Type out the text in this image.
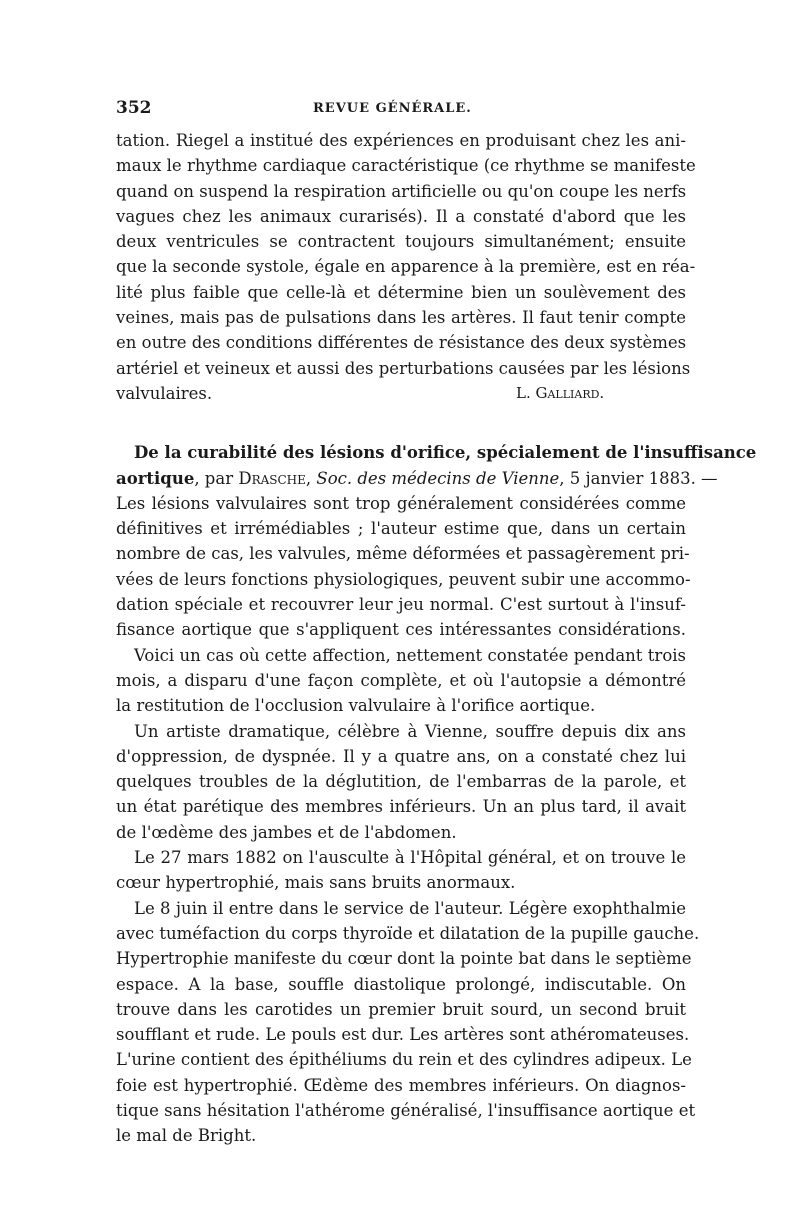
352	REVUE GÉNÉRALE.
tation. Riegel a institué des expériences en produisant chez les ani-
maux le rhythme cardiaque caractéristique (ce rhythme se manifeste
quand on suspend la respiration artificielle ou qu'on coupe les nerfs
vagues chez les animaux curarisés). Il a constaté d'abord que les
deux ventricules se contractent toujours simultanément; ensuite
que la seconde systole, égale en apparence à la première, est en réa-
lité plus faible que celle-là et détermine bien un soulèvement des
veines, mais pas de pulsations dans les artères. Il faut tenir compte
en outre des conditions différentes de résistance des deux systèmes
artériel et veineux et aussi des perturbations causées par les lésions
valvulaires.	L. Galliard.
De la curabilité des lésions d'orifice, spécialement de l'insuffisance
aortique, par Drasche, Soc. des médecins de Vienne, 5 janvier 1883. —
Les lésions valvulaires sont trop généralement considérées comme
définitives et irrémédiables ; l'auteur estime que, dans un certain
nombre de cas, les valvules, même déformées et passagèrement pri-
vées de leurs fonctions physiologiques, peuvent subir une accommo-
dation spéciale et recouvrer leur jeu normal. C'est surtout à l'insuf-
fisance aortique que s'appliquent ces intéressantes considérations.
Voici un cas où cette affection, nettement constatée pendant trois
mois, a disparu d'une façon complète, et où l'autopsie a démontré
la restitution de l'occlusion valvulaire à l'orifice aortique.
Un artiste dramatique, célèbre à Vienne, souffre depuis dix ans
d'oppression, de dyspnée. Il y a quatre ans, on a constaté chez lui
quelques troubles de la déglutition, de l'embarras de la parole, et
un état parétique des membres inférieurs. Un an plus tard, il avait
de l'œdème des jambes et de l'abdomen.
Le 27 mars 1882 on l'ausculte à l'Hôpital général, et on trouve le
cœur hypertrophié, mais sans bruits anormaux.
Le 8 juin il entre dans le service de l'auteur. Légère exophthalmie
avec tuméfaction du corps thyroïde et dilatation de la pupille gauche.
Hypertrophie manifeste du cœur dont la pointe bat dans le septième
espace. A la base, souffle diastolique prolongé, indiscutable. On
trouve dans les carotides un premier bruit sourd, un second bruit
soufflant et rude. Le pouls est dur. Les artères sont athéromateuses.
L'urine contient des épithéliums du rein et des cylindres adipeux. Le
foie est hypertrophié. Œdème des membres inférieurs. On diagnos-
tique sans hésitation l'athérome généralisé, l'insuffisance aortique et
le mal de Bright.
